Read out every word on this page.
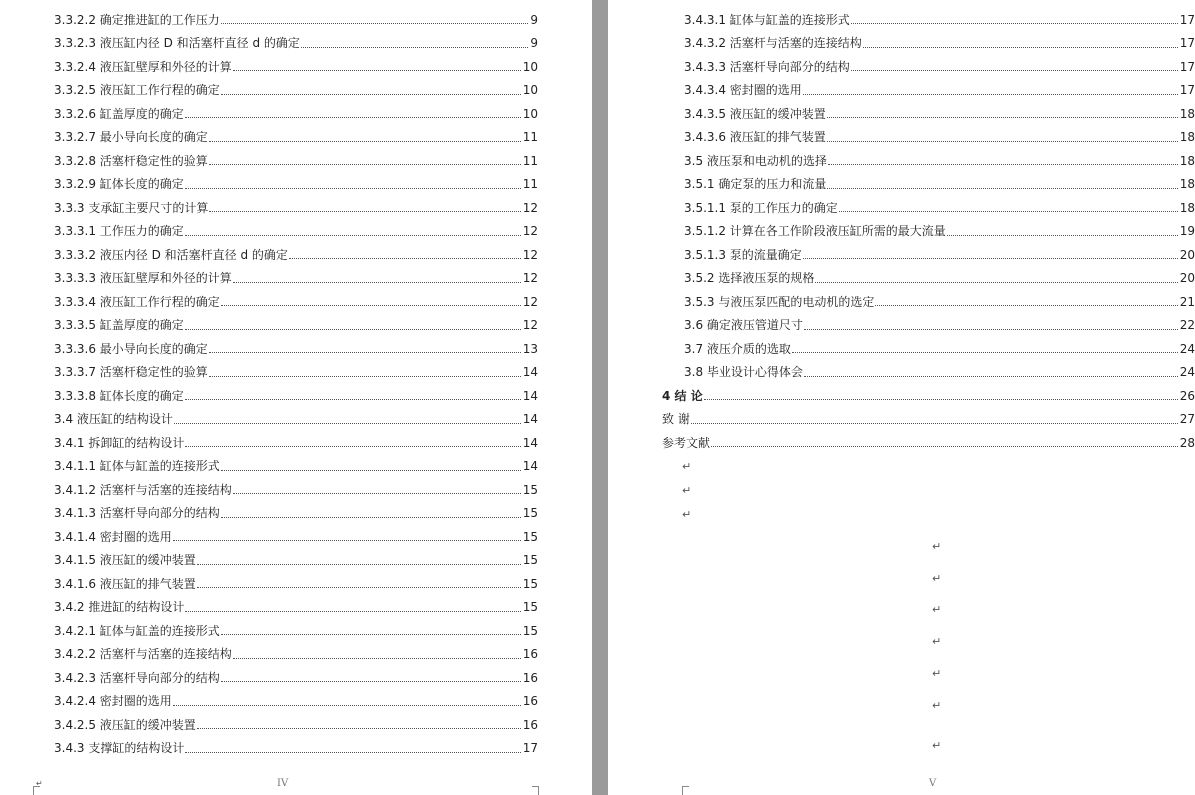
3.3.2.2 确定推进缸的工作压力	9
3.3.2.3 液压缸内径 D 和活塞杆直径 d 的确定	9
3.3.2.4 液压缸壁厚和外径的计算	10
3.3.2.5 液压缸工作行程的确定	10
3.3.2.6 缸盖厚度的确定	10
3.3.2.7 最小导向长度的确定	11
3.3.2.8 活塞杆稳定性的验算	11
3.3.2.9 缸体长度的确定	11
3.3.3 支承缸主要尺寸的计算	12
3.3.3.1 工作压力的确定	12
3.3.3.2 液压内径 D 和活塞杆直径 d 的确定	12
3.3.3.3 液压缸壁厚和外径的计算	12
3.3.3.4 液压缸工作行程的确定	12
3.3.3.5 缸盖厚度的确定	12
3.3.3.6 最小导向长度的确定	13
3.3.3.7 活塞杆稳定性的验算	14
3.3.3.8 缸体长度的确定	14
3.4 液压缸的结构设计	14
3.4.1 拆卸缸的结构设计	14
3.4.1.1 缸体与缸盖的连接形式	14
3.4.1.2 活塞杆与活塞的连接结构	15
3.4.1.3 活塞杆导向部分的结构	15
3.4.1.4 密封圈的选用	15
3.4.1.5 液压缸的缓冲装置	15
3.4.1.6 液压缸的排气装置	15
3.4.2 推进缸的结构设计	15
3.4.2.1 缸体与缸盖的连接形式	15
3.4.2.2 活塞杆与活塞的连接结构	16
3.4.2.3 活塞杆导向部分的结构	16
3.4.2.4 密封圈的选用	16
3.4.2.5 液压缸的缓冲装置	16
3.4.3 支撑缸的结构设计	17
↵	IV
3.4.3.1 缸体与缸盖的连接形式	17
3.4.3.2 活塞杆与活塞的连接结构	17
3.4.3.3 活塞杆导向部分的结构	17
3.4.3.4 密封圈的选用	17
3.4.3.5 液压缸的缓冲装置	18
3.4.3.6 液压缸的排气装置	18
3.5 液压泵和电动机的选择	18
3.5.1 确定泵的压力和流量	18
3.5.1.1 泵的工作压力的确定	18
3.5.1.2 计算在各工作阶段液压缸所需的最大流量	19
3.5.1.3 泵的流量确定	20
3.5.2 选择液压泵的规格	20
3.5.3 与液压泵匹配的电动机的选定	21
3.6 确定液压管道尺寸	22
3.7 液压介质的选取	24
3.8 毕业设计心得体会	24
4 结 论	26
致 谢	27
参考文献	28
↵
↵
↵
↵
↵
↵
↵
↵
↵
↵
V
